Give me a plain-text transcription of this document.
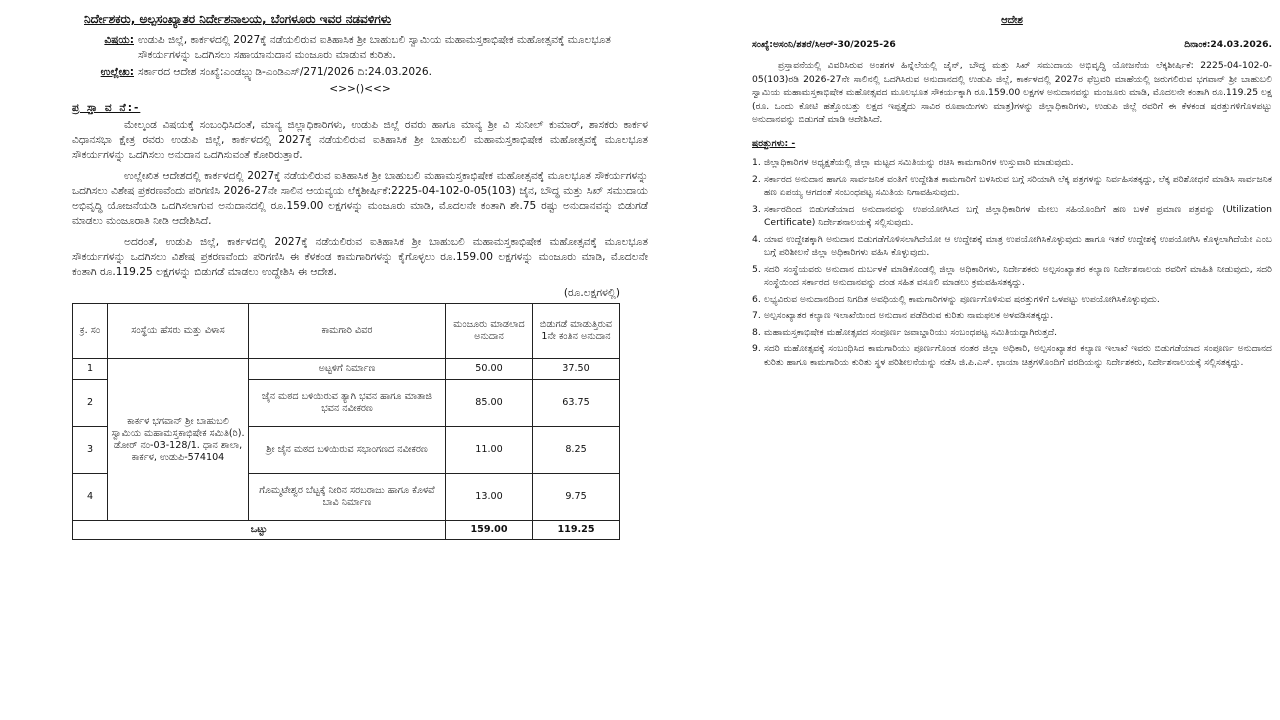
ನಿರ್ದೇಶಕರು, ಅಲ್ಪಸಂಖ್ಯಾತರ ನಿರ್ದೇಶನಾಲಯ, ಬೆಂಗಳೂರು ಇವರ ನಡವಳಿಗಳು
ವಿಷಯ: ಉಡುಪಿ ಜಿಲ್ಲೆ, ಕಾರ್ಕಳದಲ್ಲಿ 2027ಕ್ಕೆ ನಡೆಯಲಿರುವ ಐತಿಹಾಸಿಕ ಶ್ರೀ ಬಾಹುಬಲಿ ಸ್ವಾಮಿಯ ಮಹಾಮಸ್ತಕಾಭಿಷೇಕ ಮಹೋತ್ಸವಕ್ಕೆ ಮೂಲಭೂತ ಸೌಕರ್ಯಗಳನ್ನು ಒದಗಿಸಲು ಸಹಾಯಾನುದಾನ ಮಂಜೂರು ಮಾಡುವ ಕುರಿತು.
ಉಲ್ಲೇಖ: ಸರ್ಕಾರದ ಆದೇಶ ಸಂಖ್ಯೆ:ಎಂಡಬ್ಲ್ಯುಡಿ-ಎಂಡಿಎಸ್/271/2026 ದಿ:24.03.2026.
<>>()<<>
ಪ್ರ ಸ್ತಾ ವ ನೆ:-

ಮೇಲ್ಕಂಡ ವಿಷಯಕ್ಕೆ ಸಂಬಂಧಿಸಿದಂತೆ, ಮಾನ್ಯ ಜಿಲ್ಲಾಧಿಕಾರಿಗಳು, ಉಡುಪಿ ಜಿಲ್ಲೆ ರವರು ಹಾಗೂ ಮಾನ್ಯ ಶ್ರೀ ವಿ ಸುನೀಲ್ ಕುಮಾರ್, ಶಾಸಕರು ಕಾರ್ಕಳ ವಿಧಾನಸಭಾ ಕ್ಷೇತ್ರ ರವರು ಉಡುಪಿ ಜಿಲ್ಲೆ, ಕಾರ್ಕಳದಲ್ಲಿ 2027ಕ್ಕೆ ನಡೆಯಲಿರುವ ಐತಿಹಾಸಿಕ ಶ್ರೀ ಬಾಹುಬಲಿ ಮಹಾಮಸ್ತಕಾಭಿಷೇಕ ಮಹೋತ್ಸವಕ್ಕೆ ಮೂಲಭೂತ ಸೌಕರ್ಯಗಳನ್ನು ಒದಗಿಸಲು ಅನುದಾನ ಒದಗಿಸುವಂತೆ ಕೋರಿರುತ್ತಾರೆ.

ಉಲ್ಲೇಖಿತ ಆದೇಶದಲ್ಲಿ ಕಾರ್ಕಳದಲ್ಲಿ 2027ಕ್ಕೆ ನಡೆಯಲಿರುವ ಐತಿಹಾಸಿಕ ಶ್ರೀ ಬಾಹುಬಲಿ ಮಹಾಮಸ್ತಕಾಭಿಷೇಕ ಮಹೋತ್ಸವಕ್ಕೆ ಮೂಲಭೂತ ಸೌಕರ್ಯಗಳನ್ನು ಒದಗಿಸಲು ವಿಶೇಷ ಪ್ರಕರಣವೆಂದು ಪರಿಗಣಿಸಿ 2026-27ನೇ ಸಾಲಿನ ಆಯವ್ಯಯ ಲೆಕ್ಕಶೀರ್ಷಿಕೆ:2225-04-102-0-05(103) ಜೈನ, ಬೌದ್ಧ ಮತ್ತು ಸಿಖ್ ಸಮುದಾಯ ಅಭಿವೃದ್ಧಿ ಯೋಜನೆಯಡಿ ಒದಗಿಸಲಾಗುವ ಅನುದಾನದಲ್ಲಿ ರೂ.159.00 ಲಕ್ಷಗಳನ್ನು ಮಂಜೂರು ಮಾಡಿ, ಮೊದಲನೇ ಕಂತಾಗಿ ಶೇ.75 ರಷ್ಟು ಅನುದಾನವನ್ನು ಬಿಡುಗಡೆ ಮಾಡಲು ಮಂಜೂರಾತಿ ನೀಡಿ ಆದೇಶಿಸಿದೆ.

ಅದರಂತೆ, ಉಡುಪಿ ಜಿಲ್ಲೆ, ಕಾರ್ಕಳದಲ್ಲಿ 2027ಕ್ಕೆ ನಡೆಯಲಿರುವ ಐತಿಹಾಸಿಕ ಶ್ರೀ ಬಾಹುಬಲಿ ಮಹಾಮಸ್ತಕಾಭಿಷೇಕ ಮಹೋತ್ಸವಕ್ಕೆ ಮೂಲಭೂತ ಸೌಕರ್ಯಗಳನ್ನು ಒದಗಿಸಲು ವಿಶೇಷ ಪ್ರಕರಣವೆಂದು ಪರಿಗಣಿಸಿ ಈ ಕೆಳಕಂಡ ಕಾಮಗಾರಿಗಳನ್ನು ಕೈಗೊಳ್ಳಲು ರೂ.159.00 ಲಕ್ಷಗಳನ್ನು ಮಂಜೂರು ಮಾಡಿ, ಮೊದಲನೇ ಕಂತಾಗಿ ರೂ.119.25 ಲಕ್ಷಗಳನ್ನು ಬಿಡುಗಡೆ ಮಾಡಲು ಉದ್ದೇಶಿಸಿ ಈ ಆದೇಶ.

(ರೂ.ಲಕ್ಷಗಳಲ್ಲಿ)
ಕ್ರ. ಸಂ	ಸಂಸ್ಥೆಯ ಹೆಸರು ಮತ್ತು ವಿಳಾಸ	ಕಾಮಗಾರಿ ವಿವರ	ಮಂಜೂರು ಮಾಡಲಾದ ಅನುದಾನ	ಬಿಡುಗಡೆ ಮಾಡುತ್ತಿರುವ 1ನೇ ಕಂತಿನ ಅನುದಾನ
1	ಕಾರ್ಕಳ ಭಗವಾನ್ ಶ್ರೀ ಬಾಹುಬಲಿ ಸ್ವಾಮಿಯ ಮಹಾಮಸ್ತಕಾಭಿಷೇಕ ಸಮಿತಿ(ರಿ). ಡೋರ್ ನಂ-03-128/1. ಧಾನ ಶಾಲಾ, ಕಾರ್ಕಳ, ಉಡುಪಿ-574104	ಅಟ್ಟಳಿಗೆ ನಿರ್ಮಾಣ	50.00	37.50
2		ಜೈನ ಮಠದ ಬಳಿಯಿರುವ ತ್ಯಾಗಿ ಭವನ ಹಾಗೂ ಮಾತಾಜಿ ಭವನ ನವೀಕರಣ	85.00	63.75
3		ಶ್ರೀ ಜೈನ ಮಠದ ಬಳಿಯಿರುವ ಸಭಾಂಗಣದ ನವೀಕರಣ	11.00	8.25
4		ಗೊಮ್ಮಟೇಶ್ವರ ಬೆಟ್ಟಕ್ಕೆ ನೀರಿನ ಸರಬರಾಜು ಹಾಗೂ ಕೊಳವೆ ಬಾವಿ ನಿರ್ಮಾಣ	13.00	9.75
ಒಟ್ಟು			159.00	119.25
ಆದೇಶ
ಸಂಖ್ಯೆ:ಅಸಂನಿ/ಶತರೆ/ಸಿಆರ್-30/2025-26	ದಿನಾಂಕ:24.03.2026.

ಪ್ರಸ್ತಾವನೆಯಲ್ಲಿ ವಿವರಿಸಿರುವ ಅಂಶಗಳ ಹಿನ್ನೆಲೆಯಲ್ಲಿ ಜೈನ್, ಬೌದ್ಧ ಮತ್ತು ಸಿಖ್ ಸಮುದಾಯ ಅಭಿವೃದ್ಧಿ ಯೋಜನೆಯ ಲೆಕ್ಕಶೀರ್ಷಿಕೆ: 2225-04-102-0-05(103)ರಡಿ 2026-27ನೇ ಸಾಲಿನಲ್ಲಿ ಒದಗಿಸಿರುವ ಅನುದಾನದಲ್ಲಿ ಉಡುಪಿ ಜಿಲ್ಲೆ, ಕಾರ್ಕಳದಲ್ಲಿ 2027ರ ಫೆಬ್ರವರಿ ಮಾಹೆಯಲ್ಲಿ ಜರುಗಲಿರುವ ಭಗವಾನ್ ಶ್ರೀ ಬಾಹುಬಲಿ ಸ್ವಾಮಿಯ ಮಹಾಮಸ್ತಕಾಭಿಷೇಕ ಮಹೋತ್ಸವದ ಮೂಲಭೂತ ಸೌಕರ್ಯಕ್ಕಾಗಿ ರೂ.159.00 ಲಕ್ಷಗಳ ಅನುದಾನವನ್ನು ಮಂಜೂರು ಮಾಡಿ, ಮೊದಲನೇ ಕಂತಾಗಿ ರೂ.119.25 ಲಕ್ಷ (ರೂ. ಒಂದು ಕೋಟಿ ಹತ್ತೊಂಬತ್ತು ಲಕ್ಷದ ಇಪ್ಪತ್ತೈದು ಸಾವಿರ ರೂಪಾಯಿಗಳು ಮಾತ್ರ)ಗಳನ್ನು ಜಿಲ್ಲಾಧಿಕಾರಿಗಳು, ಉಡುಪಿ ಜಿಲ್ಲೆ ರವರಿಗೆ ಈ ಕೆಳಕಂಡ ಷರತ್ತುಗಳಿಗೊಳಪಟ್ಟು ಅನುದಾನವನ್ನು ಬಿಡುಗಡೆ ಮಾಡಿ ಆದೇಶಿಸಿದೆ.

ಷರತ್ತುಗಳು: -
1. ಜಿಲ್ಲಾಧಿಕಾರಿಗಳ ಅಧ್ಯಕ್ಷತೆಯಲ್ಲಿ ಜಿಲ್ಲಾ ಮಟ್ಟದ ಸಮಿತಿಯನ್ನು ರಚಿಸಿ ಕಾಮಗಾರಿಗಳ ಉಸ್ತುವಾರಿ ಮಾಡುವುದು.
2. ಸರ್ಕಾರದ ಅನುದಾನ ಹಾಗೂ ಸಾರ್ವಜನಿಕ ವಂತಿಗೆ ಉದ್ದೇಶಿತ ಕಾಮಗಾರಿಗೆ ಬಳಸಿರುವ ಬಗ್ಗೆ ಸರಿಯಾಗಿ ಲೆಕ್ಕ ಪತ್ರಗಳನ್ನು ನಿರ್ವಹಿಸತಕ್ಕದ್ದು, ಲೆಕ್ಕ ಪರಿಶೋಧನೆ ಮಾಡಿಸಿ ಸಾರ್ವಜನಿಕ ಹಣ ಏಪಯ್ಯ ಆಗದಂತೆ ಸಂಬಂಧಪಟ್ಟ ಸಮಿತಿಯ ನಿಗಾವಹಿಸುವುದು.
3. ಸರ್ಕಾರದಿಂದ ಬಿಡುಗಡೆಯಾದ ಅನುದಾನವನ್ನು ಉಪಯೋಗಿಸಿದ ಬಗ್ಗೆ ಜಿಲ್ಲಾಧಿಕಾರಿಗಳ ಮೇಲು ಸಹಿಯೊಂದಿಗೆ ಹಣ ಬಳಕೆ ಪ್ರಮಾಣ ಪತ್ರವನ್ನು (Utilization Certificate) ನಿರ್ದೇಶನಾಲಯಕ್ಕೆ ಸಲ್ಲಿಸುವುದು.
4. ಯಾವ ಉದ್ದೇಶಕ್ಕಾಗಿ ಅನುದಾನ ಬಿಡುಗಡೆಗೊಳಿಸಲಾಗಿದೆಯೋ ಆ ಉದ್ದೇಶಕ್ಕೆ ಮಾತ್ರ ಉಪಯೋಗಿಸಿಕೊಳ್ಳುವುದು ಹಾಗೂ ಇತರೆ ಉದ್ದೇಶಕ್ಕೆ ಉಪಯೋಗಿಸಿ ಕೊಳ್ಳಲಾಗಿದೆಯೇ ಎಂಬ ಬಗ್ಗೆ ಪರಿಶೀಲನೆ ಜಿಲ್ಲಾ ಅಧಿಕಾರಿಗಳು ವಹಿಸಿ ಕೊಳ್ಳುವುದು.
5. ಸದರಿ ಸಂಸ್ಥೆಯವರು ಅನುದಾನ ದುರ್ಬಳಕೆ ಮಾಡಿಕೊಂಡಲ್ಲಿ ಜಿಲ್ಲಾ ಅಧಿಕಾರಿಗಳು, ನಿರ್ದೇಶಕರು ಅಲ್ಪಸಂಖ್ಯಾತರ ಕಲ್ಯಾಣ ನಿರ್ದೇಶನಾಲಯ ರವರಿಗೆ ಮಾಹಿತಿ ನೀಡುವುದು, ಸದರಿ ಸಂಸ್ಥೆಯಿಂದ ಸರ್ಕಾರದ ಅನುದಾನವನ್ನು ದಂಡ ಸಹಿತ ವಸೂಲಿ ಮಾಡಲು ಕ್ರಮವಹಿಸತಕ್ಕದ್ದು.
6. ಲಭ್ಯವಿರುವ ಅನುದಾನದಿಂದ ನಿಗದಿತ ಅವಧಿಯಲ್ಲಿ ಕಾಮಗಾರಿಗಳನ್ನು ಪೂರ್ಣಗೊಳಿಸುವ ಷರತ್ತುಗಳಿಗೆ ಒಳಪಟ್ಟು ಉಪಯೋಗಿಸಿಕೊಳ್ಳುವುದು.
7. ಅಲ್ಪಸಂಖ್ಯಾತರ ಕಲ್ಯಾಣ ಇಲಾಖೆಯಿಂದ ಅನುದಾನ ಪಡೆದಿರುವ ಕುರಿತು ನಾಮಫಲಕ ಅಳವಡಿಸತಕ್ಕದ್ದು.
8. ಮಹಾಮಸ್ತಕಾಭಿಷೇಕ ಮಹೋತ್ಸವದ ಸಂಪೂರ್ಣ ಜವಾಬ್ದಾರಿಯು ಸಂಬಂಧಪಟ್ಟ ಸಮಿತಿಯದ್ದಾಗಿರುತ್ತದೆ.
9. ಸದರಿ ಮಹೋತ್ಸವಕ್ಕೆ ಸಂಬಂಧಿಸಿದ ಕಾಮಗಾರಿಯು ಪೂರ್ಣಗೊಂಡ ನಂತರ ಜಿಲ್ಲಾ ಅಧಿಕಾರಿ, ಅಲ್ಪಸಂಖ್ಯಾತರ ಕಲ್ಯಾಣ ಇಲಾಖೆ ಇವರು ಬಿಡುಗಡೆಯಾದ ಸಂಪೂರ್ಣ ಅನುದಾನದ ಕುರಿತು ಹಾಗೂ ಕಾಮಗಾರಿಯ ಕುರಿತು ಸ್ಥಳ ಪರಿಶೀಲನೆಯನ್ನು ನಡೆಸಿ ಜಿ.ಪಿ.ಎಸ್. ಛಾಯಾ ಚಿತ್ರಗಳೊಂದಿಗೆ ವರದಿಯನ್ನು ನಿರ್ದೇಶಕರು, ನಿರ್ದೇಶನಾಲಯಕ್ಕೆ ಸಲ್ಲಿಸತಕ್ಕದ್ದು.
